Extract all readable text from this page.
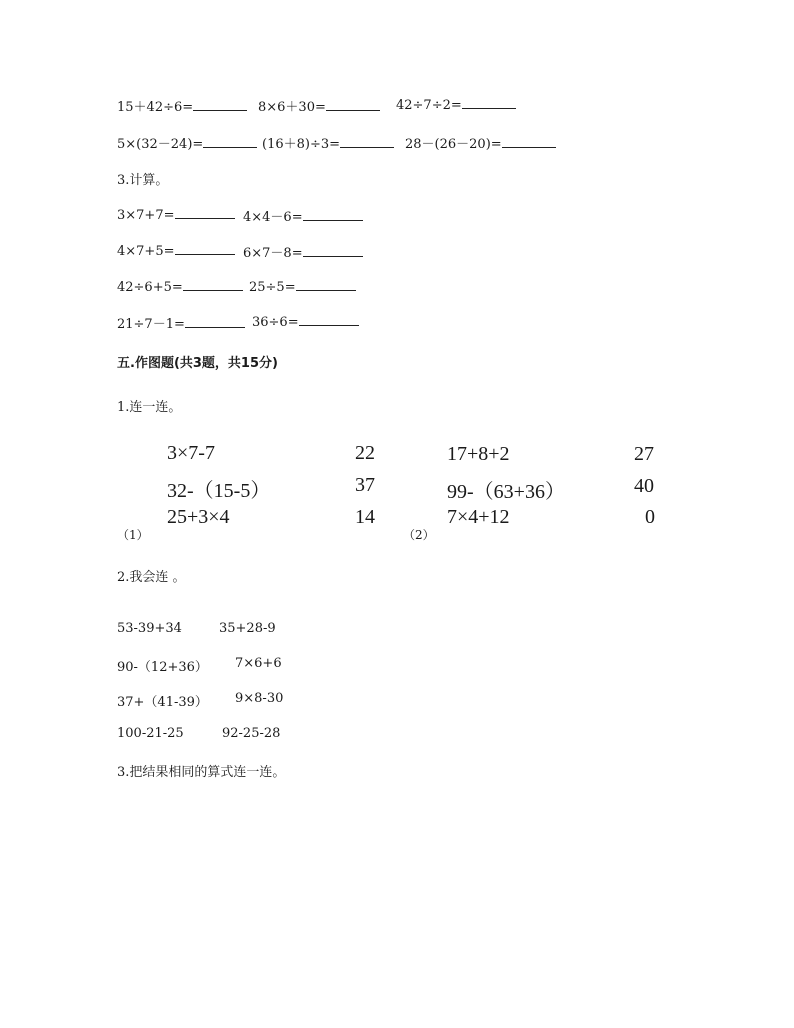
15＋42÷6=	8×6＋30=	42÷7÷2=
5×(32－24)=	(16＋8)÷3=	28－(26－20)=
3.计算。
3×7+7=	4×4－6=
4×7+5=	6×7－8=
42÷6+5=	25÷5=
21÷7－1=	36÷6=
五.作图题(共3题，共15分)
1.连一连。
3×7-7
32-（15-5）
25+3×4
22
37
14
（1）
17+8+2
99-（63+36）
7×4+12
27
40
0
（2）
2.我会连 。
53-39+34	35+28-9
90-（12+36） 7×6+6
37+（41-39） 9×8-30
100-21-25	92-25-28
3.把结果相同的算式连一连。
